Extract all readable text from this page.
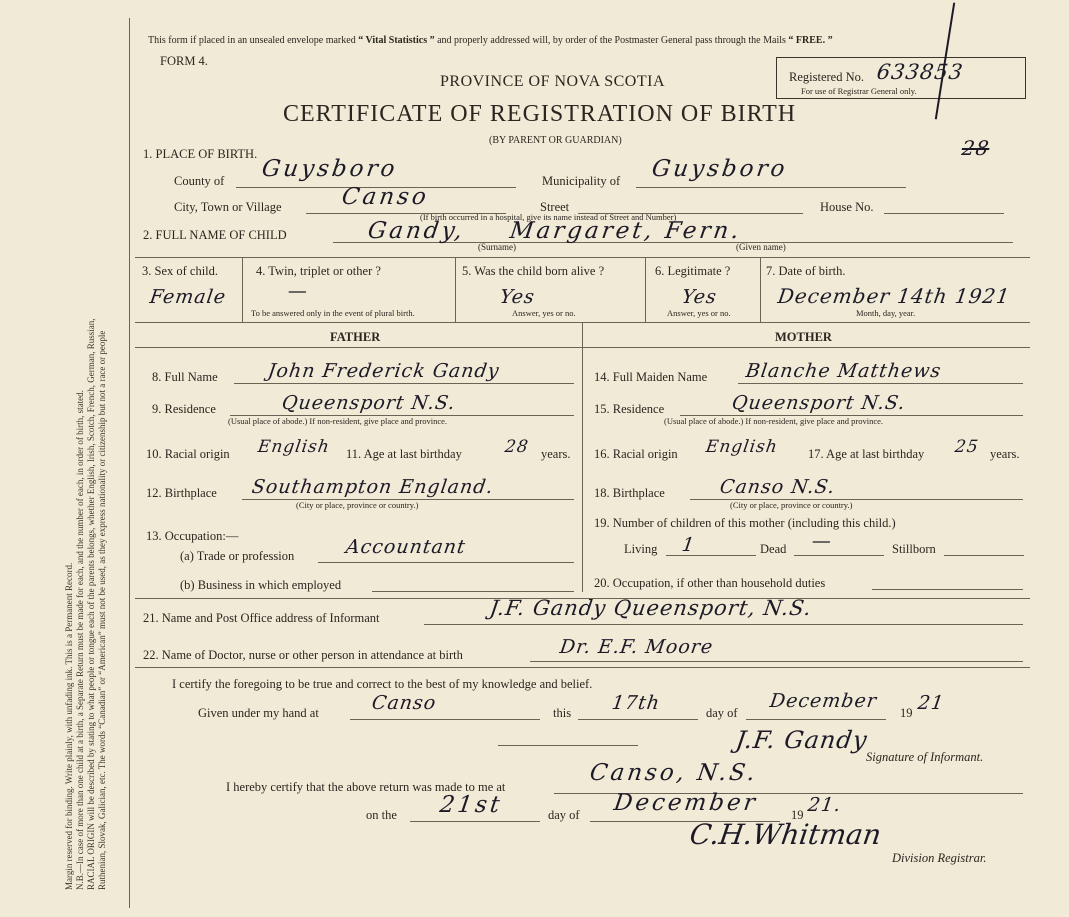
Margin reserved for binding. Write plainly, with unfading ink. This is a Permanent Record. N.B.—In case of more than one child at a birth, a Separate Return must be made for each, and the number of each, in order of birth, stated. RACIAL ORIGIN will be described by stating to what people or tongue each of the parents belongs, whether English, Irish, Scotch, French, German, Russian, Ruthenian, Slovak, Galician, etc. The words “Canadian” or “American” must not be used, as they express nationality or citizenship but not a race or people
This form if placed in an unsealed envelope marked “ Vital Statistics ” and properly addressed will, by order of the Postmaster General pass through the Mails “ FREE. ”
FORM 4.
Registered No. 633853
For use of Registrar General only.
PROVINCE OF NOVA SCOTIA
CERTIFICATE OF REGISTRATION OF BIRTH
(BY PARENT OR GUARDIAN)
1. PLACE OF BIRTH.	28
County of Guysboro	Municipality of Guysboro
City, Town or Village	Canso	Street	House No.
(If birth occurred in a hospital, give its name instead of Street and Number)
2. FULL NAME OF CHILD	Gandy, Margaret, Fern.
(Surname)	(Given name)
3. Sex of child.
Female
4. Twin, triplet or other ?
—
To be answered only in the event of plural birth.
5. Was the child born alive ?
Yes
Answer, yes or no.
6. Legitimate ?
Yes
Answer, yes or no.
7. Date of birth.
December 14th 1921
Month, day, year.
FATHER	MOTHER
8. Full Name	John Frederick Gandy
9. Residence	Queensport N.S.
(Usual place of abode.) If non-resident, give place and province.
10. Racial origin English 11. Age at last birthday 28 years.
12. Birthplace Southampton England.
(City or place, province or country.)
13. Occupation:—
(a) Trade or profession	Accountant
(b) Business in which employed
14. Full Maiden Name Blanche Matthews
15. Residence	Queensport N.S.
(Usual place of abode.) If non-resident, give place and province.
16. Racial origin English 17. Age at last birthday 25 years.
18. Birthplace	Canso N.S.
(City or place, province or country.)
19. Number of children of this mother (including this child.)
Living 1	Dead —	Stillborn
20. Occupation, if other than household duties
21. Name and Post Office address of Informant	J.F. Gandy Queensport, N.S.
22. Name of Doctor, nurse or other person in attendance at birth	Dr. E.F. Moore
I certify the foregoing to be true and correct to the best of my knowledge and belief.
Given under my hand at	Canso	this 17th	day of
December
19 21
J.F. Gandy
Signature of Informant.
I hereby certify that the above return was made to me at
Canso, N.S.
on the 21st	day of December	19 21.
C.H.Whitman
Division Registrar.
